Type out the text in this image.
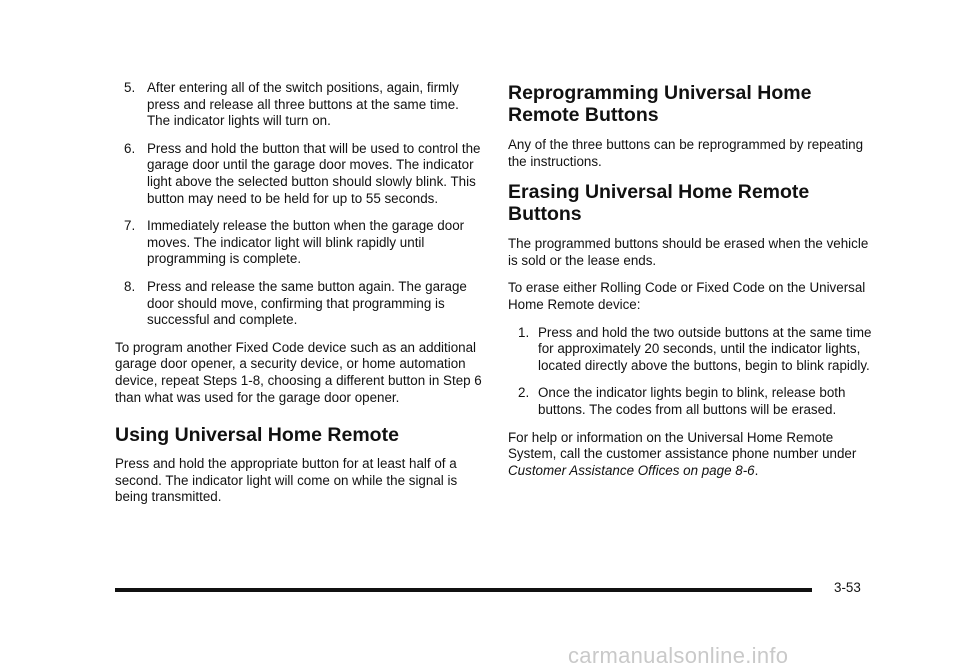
5. After entering all of the switch positions, again, firmly press and release all three buttons at the same time. The indicator lights will turn on.
6. Press and hold the button that will be used to control the garage door until the garage door moves. The indicator light above the selected button should slowly blink. This button may need to be held for up to 55 seconds.
7. Immediately release the button when the garage door moves. The indicator light will blink rapidly until programming is complete.
8. Press and release the same button again. The garage door should move, confirming that programming is successful and complete.

To program another Fixed Code device such as an additional garage door opener, a security device, or home automation device, repeat Steps 1-8, choosing a different button in Step 6 than what was used for the garage door opener.

Using Universal Home Remote

Press and hold the appropriate button for at least half of a second. The indicator light will come on while the signal is being transmitted.

Reprogramming Universal Home Remote Buttons

Any of the three buttons can be reprogrammed by repeating the instructions.

Erasing Universal Home Remote Buttons

The programmed buttons should be erased when the vehicle is sold or the lease ends.

To erase either Rolling Code or Fixed Code on the Universal Home Remote device:

1. Press and hold the two outside buttons at the same time for approximately 20 seconds, until the indicator lights, located directly above the buttons, begin to blink rapidly.
2. Once the indicator lights begin to blink, release both buttons. The codes from all buttons will be erased.

For help or information on the Universal Home Remote System, call the customer assistance phone number under Customer Assistance Offices on page 8-6.

3-53
carmanualsonline.info
